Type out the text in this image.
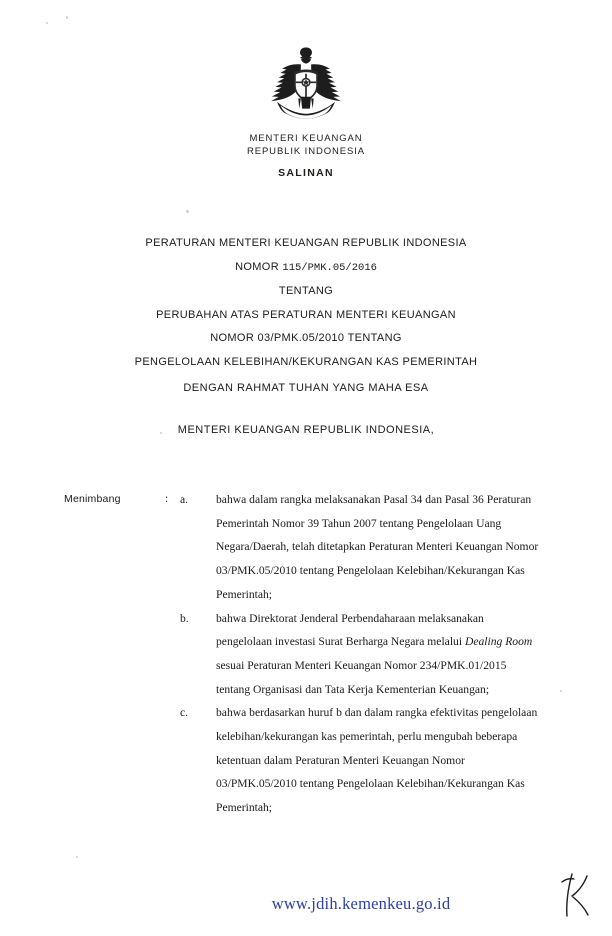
MENTERI KEUANGAN
REPUBLIK INDONESIA
SALINAN
PERATURAN MENTERI KEUANGAN REPUBLIK INDONESIA
NOMOR 115/PMK.05/2016
TENTANG
PERUBAHAN ATAS PERATURAN MENTERI KEUANGAN
NOMOR 03/PMK.05/2010 TENTANG
PENGELOLAAN KELEBIHAN/KEKURANGAN KAS PEMERINTAH
DENGAN RAHMAT TUHAN YANG MAHA ESA
MENTERI KEUANGAN REPUBLIK INDONESIA,
Menimbang	: a.	bahwa dalam rangka melaksanakan Pasal 34 dan Pasal 36 Peraturan Pemerintah Nomor 39 Tahun 2007 tentang Pengelolaan Uang Negara/Daerah, telah ditetapkan Peraturan Menteri Keuangan Nomor 03/PMK.05/2010 tentang Pengelolaan Kelebihan/Kekurangan Kas Pemerintah;
b.	bahwa Direktorat Jenderal Perbendaharaan melaksanakan pengelolaan investasi Surat Berharga Negara melalui Dealing Room sesuai Peraturan Menteri Keuangan Nomor 234/PMK.01/2015 tentang Organisasi dan Tata Kerja Kementerian Keuangan;
c.	bahwa berdasarkan huruf b dan dalam rangka efektivitas pengelolaan kelebihan/kekurangan kas pemerintah, perlu mengubah beberapa ketentuan dalam Peraturan Menteri Keuangan Nomor 03/PMK.05/2010 tentang Pengelolaan Kelebihan/Kekurangan Kas Pemerintah;
www.jdih.kemenkeu.go.id
